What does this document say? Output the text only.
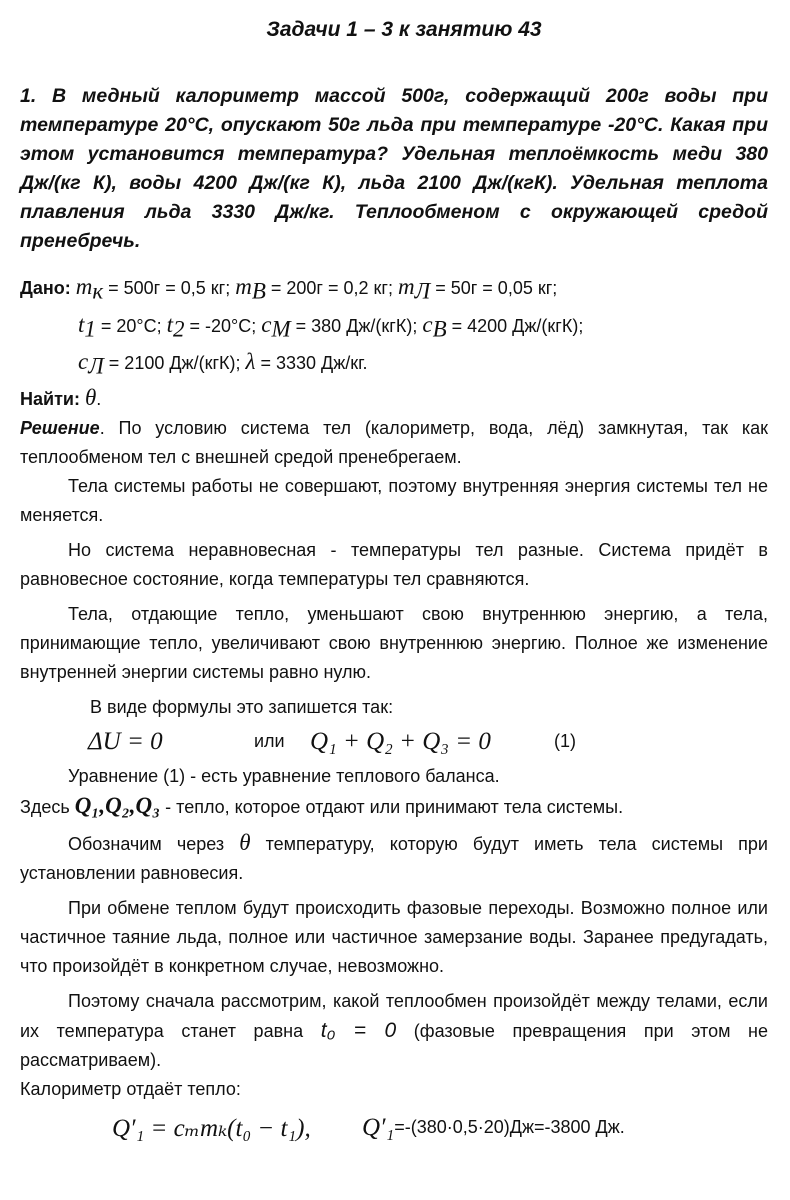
Задачи 1 – 3 к занятию 43

1. В медный калориметр массой 500г, содержащий 200г воды при температуре 20°C, опускают 50г льда при температуре -20°C. Какая при этом установится температура? Удельная теплоёмкость меди 380 Дж/(кг К), воды 4200 Дж/(кг К), льда 2100 Дж/(кгК). Удельная теплота плавления льда 3330 Дж/кг. Теплообменом с окружающей средой пренебречь.

Дано: $m_к = 500г = 0,5$ кг; $m_В = 200г = 0,2$ кг; $m_Л = 50г = 0,05$ кг;
$t_1 = 20^\circ C$; $t_2 = -20^\circ C$; $c_М = 380$ Дж/(кгК); $c_В = 4200$ Дж/(кгК);
$c_Л = 2100$ Дж/(кгК); λ = 3330 Дж/кг.

Найти: θ.

Решение. По условию система тел (калориметр, вода, лёд) замкнутая, так как теплообменом тел с внешней средой пренебрегаем.

Тела системы работы не совершают, поэтому внутренняя энергия системы тел не меняется.

Но система неравновесная - температуры тел разные. Система придёт в равновесное состояние, когда температуры тел сравняются.

Тела, отдающие тепло, уменьшают свою внутреннюю энергию, а тела, принимающие тепло, увеличивают свою внутреннюю энергию. Полное же изменение внутренней энергии системы равно нулю.

В виде формулы это запишется так:

ΔU = 0	или	Q₁ + Q₂ + Q₃ = 0	(1)

Уравнение (1) - есть уравнение теплового баланса.

Здесь Q₁,Q₂,Q₃ - тепло, которое отдают или принимают тела системы.

Обозначим через θ температуру, которую будут иметь тела системы при установлении равновесия.

При обмене теплом будут происходить фазовые переходы. Возможно полное или частичное таяние льда, полное или частичное замерзание воды. Заранее предугадать, что произойдёт в конкретном случае, невозможно.

Поэтому сначала рассмотрим, какой теплообмен произойдёт между телами, если их температура станет равна t₀ = 0 (фазовые превращения при этом не рассматриваем).

Калориметр отдаёт тепло:

Q′₁ = cₘmₖ(t₀ − t₁),	Q′₁ =-(380·0,5·20)Дж=-3800 Дж.
